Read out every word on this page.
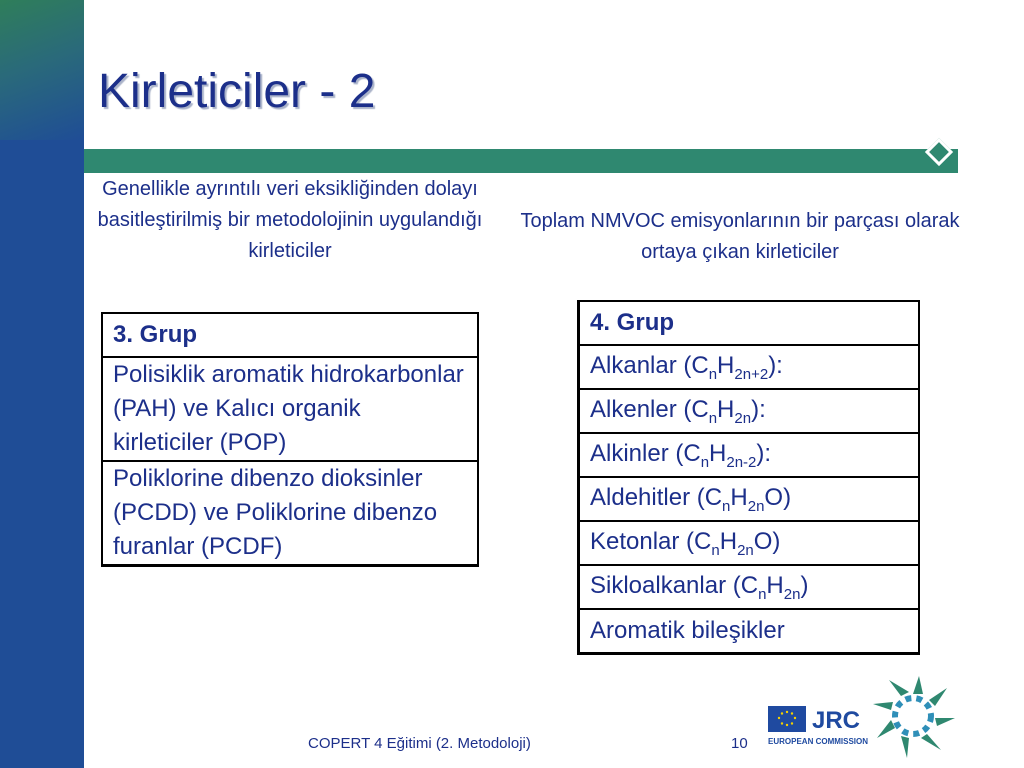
Kirleticiler - 2

Genellikle ayrıntılı veri eksikliğinden dolayı basitleştirilmiş bir metodolojinin uygulandığı kirleticiler

Toplam NMVOC emisyonlarının bir parçası olarak ortaya çıkan kirleticiler

3. Grup
Polisiklik aromatik hidrokarbonlar (PAH) ve Kalıcı organik kirleticiler (POP)
Poliklorine dibenzo dioksinler (PCDD) ve Poliklorine dibenzo furanlar (PCDF)
4. Grup
Alkanlar $(C_nH_{2n+2})$:
Alkenler $(C_nH_{2n})$:
Alkinler $(C_nH_{2n-2})$:
Aldehitler $(C_nH_{2n}O)$
Ketonlar $(C_nH_{2n}O)$
Sikloalkanlar $(C_nH_{2n})$
Aromatik bileşikler
COPERT 4 Eğitimi (2. Metodoloji)	10
JRC
EUROPEAN COMMISSION
